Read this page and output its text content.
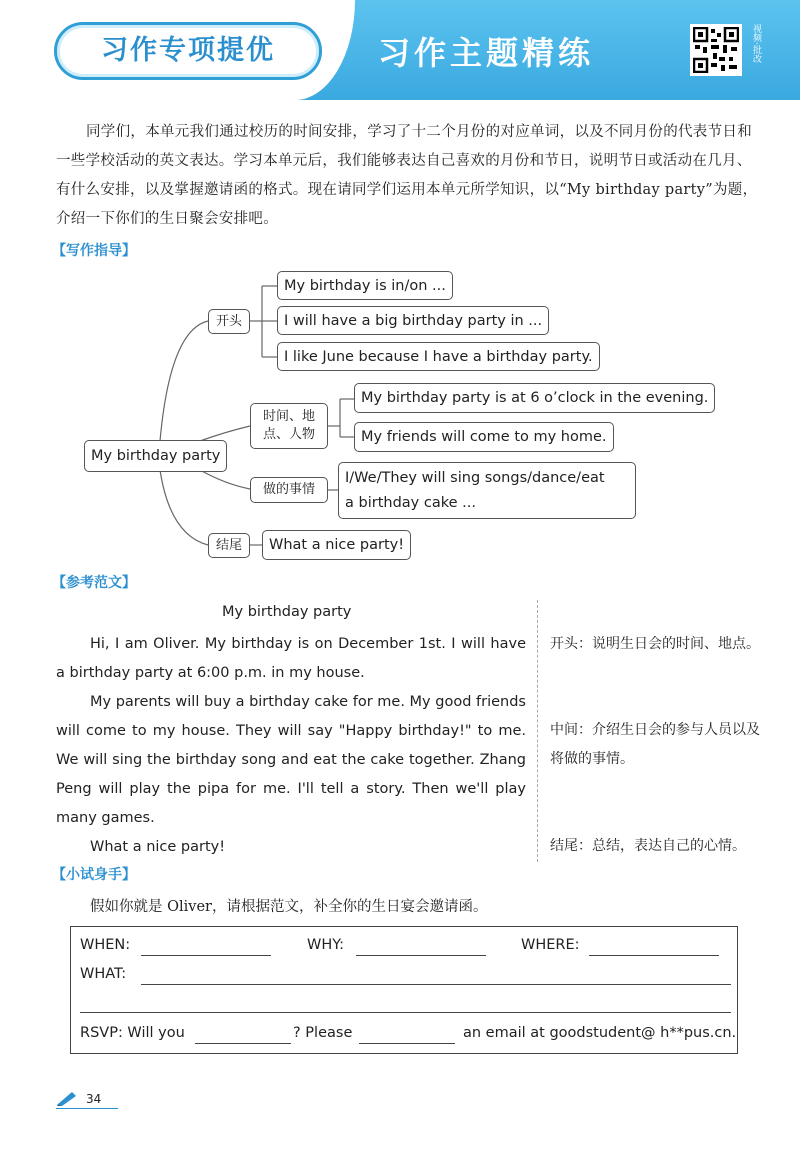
习作专项提优	习作主题精练	视频·批改
同学们，本单元我们通过校历的时间安排，学习了十二个月份的对应单词，以及不同月份的代表节日和一些学校活动的英文表达。学习本单元后，我们能够表达自己喜欢的月份和节日，说明节日或活动在几月、有什么安排，以及掌握邀请函的格式。现在请同学们运用本单元所学知识，以“My birthday party”为题，介绍一下你们的生日聚会安排吧。
【写作指导】
My birthday party
开头
My birthday is in/on ...
I will have a big birthday party in ...
I like June because I have a birthday party.
时间、地
点、人物
My birthday party is at 6 o’clock in the evening.
My friends will come to my home.
做的事情
I/We/They will sing songs/dance/eat
a birthday cake ...
结尾	What a nice party!
【参考范文】
My birthday party

Hi, I am Oliver. My birthday is on December 1st. I will have a birthday party at 6:00 p.m. in my house.

My parents will buy a birthday cake for me. My good friends will come to my house. They will say "Happy birthday!" to me. We will sing the birthday song and eat the cake together. Zhang Peng will play the pipa for me. I'll tell a story. Then we'll play many games.

What a nice party!

开头：说明生日会的时间、地点。
中间：介绍生日会的参与人员以及将做的事情。
结尾：总结，表达自己的心情。
【小试身手】
假如你就是 Oliver，请根据范文，补全你的生日宴会邀请函。
WHEN:	WHY:	WHERE:
WHAT:
RSVP: Will you	? Please	an email at goodstudent@ h**pus.cn.
34
